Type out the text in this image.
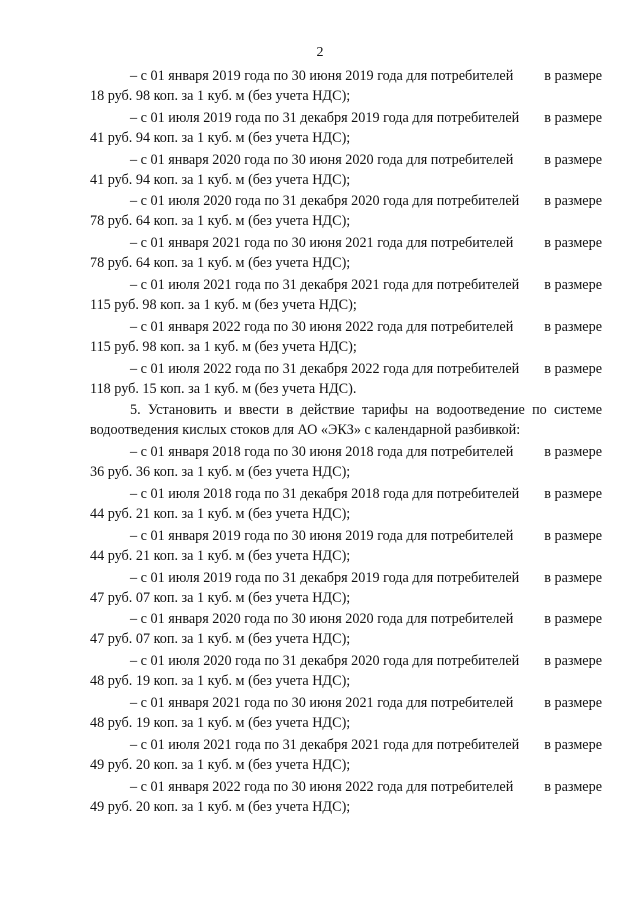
2
– с 01 января 2019 года по 30 июня 2019 года для потребителей в размере
18 руб. 98 коп. за 1 куб. м (без учета НДС);
– с 01 июля 2019 года по 31 декабря 2019 года для потребителей в размере
41 руб. 94 коп. за 1 куб. м (без учета НДС);
– с 01 января 2020 года по 30 июня 2020 года для потребителей в размере
41 руб. 94 коп. за 1 куб. м (без учета НДС);
– с 01 июля 2020 года по 31 декабря 2020 года для потребителей в размере
78 руб. 64 коп. за 1 куб. м (без учета НДС);
– с 01 января 2021 года по 30 июня 2021 года для потребителей в размере
78 руб. 64 коп. за 1 куб. м (без учета НДС);
– с 01 июля 2021 года по 31 декабря 2021 года для потребителей в размере
115 руб. 98 коп. за 1 куб. м (без учета НДС);
– с 01 января 2022 года по 30 июня 2022 года для потребителей в размере
115 руб. 98 коп. за 1 куб. м (без учета НДС);
– с 01 июля 2022 года по 31 декабря 2022 года для потребителей в размере
118 руб. 15 коп. за 1 куб. м (без учета НДС).
5. Установить и ввести в действие тарифы на водоотведение по системе
водоотведения кислых стоков для АО «ЭКЗ» с календарной разбивкой:
– с 01 января 2018 года по 30 июня 2018 года для потребителей в размере
36 руб. 36 коп. за 1 куб. м (без учета НДС);
– с 01 июля 2018 года по 31 декабря 2018 года для потребителей в размере
44 руб. 21 коп. за 1 куб. м (без учета НДС);
– с 01 января 2019 года по 30 июня 2019 года для потребителей в размере
44 руб. 21 коп. за 1 куб. м (без учета НДС);
– с 01 июля 2019 года по 31 декабря 2019 года для потребителей в размере
47 руб. 07 коп. за 1 куб. м (без учета НДС);
– с 01 января 2020 года по 30 июня 2020 года для потребителей в размере
47 руб. 07 коп. за 1 куб. м (без учета НДС);
– с 01 июля 2020 года по 31 декабря 2020 года для потребителей в размере
48 руб. 19 коп. за 1 куб. м (без учета НДС);
– с 01 января 2021 года по 30 июня 2021 года для потребителей в размере
48 руб. 19 коп. за 1 куб. м (без учета НДС);
– с 01 июля 2021 года по 31 декабря 2021 года для потребителей в размере
49 руб. 20 коп. за 1 куб. м (без учета НДС);
– с 01 января 2022 года по 30 июня 2022 года для потребителей в размере
49 руб. 20 коп. за 1 куб. м (без учета НДС);
